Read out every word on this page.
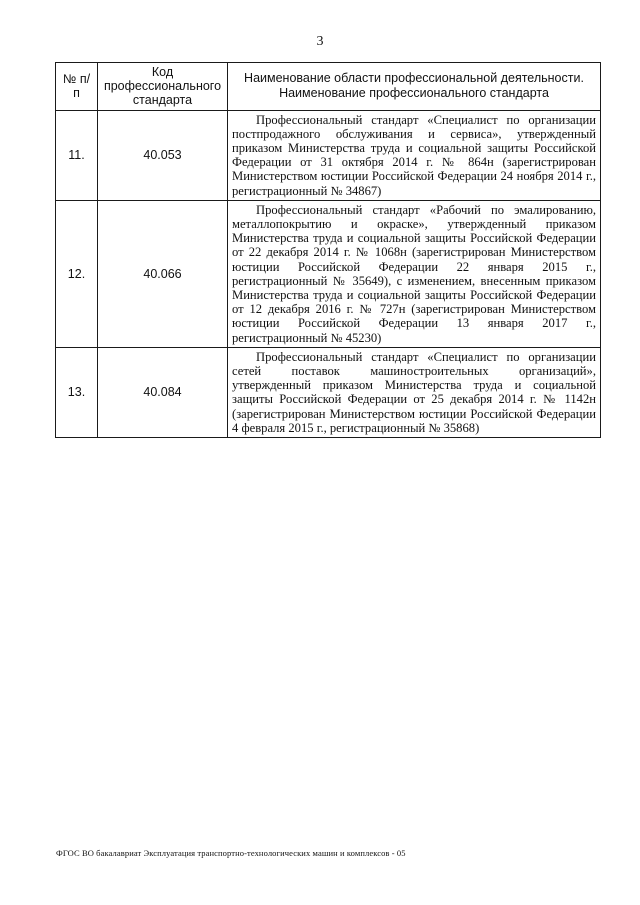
3
№ п/п	Код профессионального стандарта	Наименование области профессиональной деятельности.
Наименование профессионального стандарта

11.	40.053	Профессиональный стандарт «Специалист по организации постпродажного обслуживания и сервиса», утвержденный приказом Министерства труда и социальной защиты Российской Федерации от 31 октября 2014 г. № 864н (зарегистрирован Министерством юстиции Российской Федерации 24 ноября 2014 г., регистрационный № 34867)
12.	40.066	Профессиональный стандарт «Рабочий по эмалированию, металлопокрытию и окраске», утвержденный приказом Министерства труда и социальной защиты Российской Федерации от 22 декабря 2014 г. № 1068н (зарегистрирован Министерством юстиции Российской Федерации 22 января 2015 г., регистрационный № 35649), с изменением, внесенным приказом Министерства труда и социальной защиты Российской Федерации от 12 декабря 2016 г. № 727н (зарегистрирован Министерством юстиции Российской Федерации 13 января 2017 г., регистрационный № 45230)
13.	40.084	Профессиональный стандарт «Специалист по организации сетей поставок машиностроительных организаций», утвержденный приказом Министерства труда и социальной защиты Российской Федерации от 25 декабря 2014 г. № 1142н (зарегистрирован Министерством юстиции Российской Федерации 4 февраля 2015 г., регистрационный № 35868)
ФГОС ВО бакалавриат Эксплуатация транспортно-технологических машин и комплексов - 05
